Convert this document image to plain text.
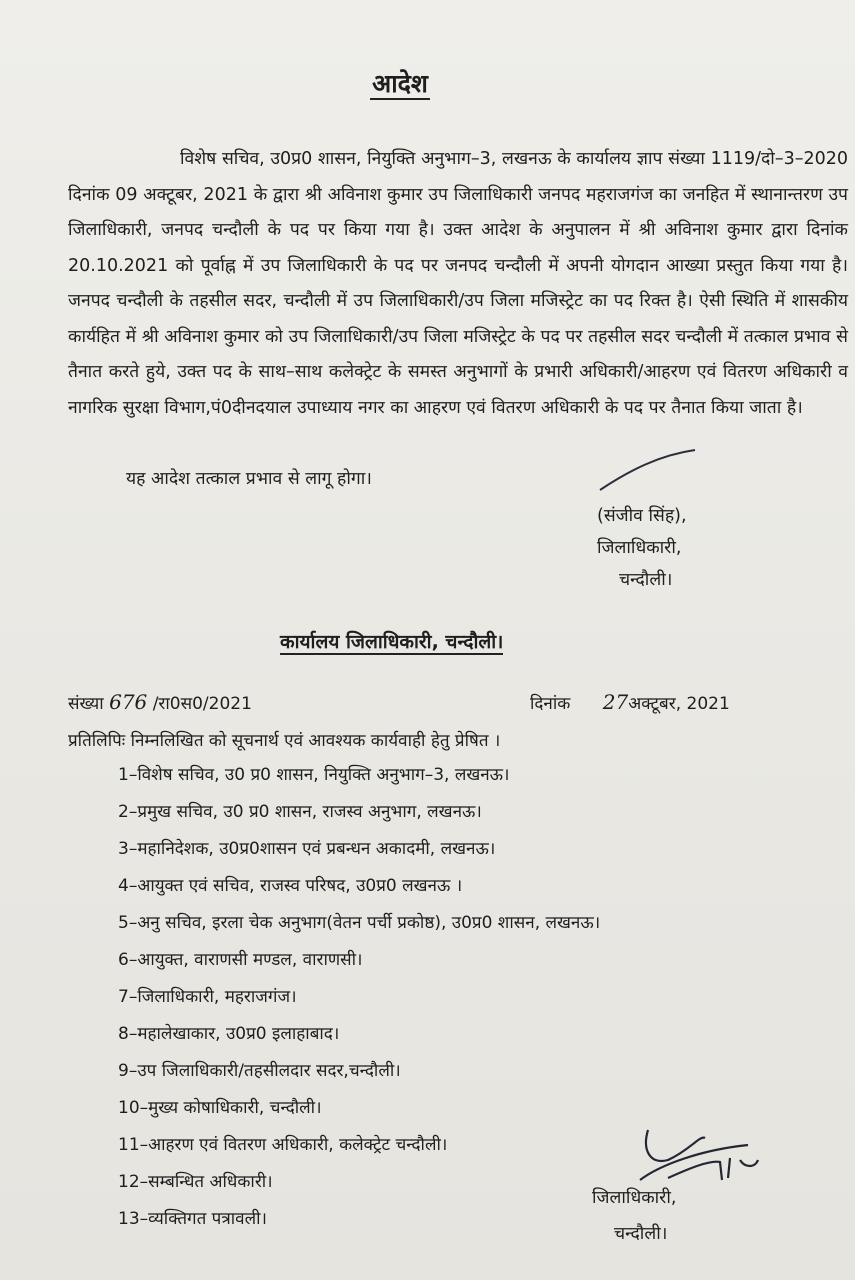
आदेश
विशेष सचिव, उ0प्र0 शासन, नियुक्ति अनुभाग–3, लखनऊ के कार्यालय ज्ञाप संख्या 1119/दो–3–2020 दिनांक 09 अक्टूबर, 2021 के द्वारा श्री अविनाश कुमार उप जिलाधिकारी जनपद महराजगंज का जनहित में स्थानान्तरण उप जिलाधिकारी, जनपद चन्दौली के पद पर किया गया है। उक्त आदेश के अनुपालन में श्री अविनाश कुमार द्वारा दिनांक 20.10.2021 को पूर्वाह्न में उप जिलाधिकारी के पद पर जनपद चन्दौली में अपनी योगदान आख्या प्रस्तुत किया गया है। जनपद चन्दौली के तहसील सदर, चन्दौली में उप जिलाधिकारी/उप जिला मजिस्ट्रेट का पद रिक्त है। ऐसी स्थिति में शासकीय कार्यहित में श्री अविनाश कुमार को उप जिलाधिकारी/उप जिला मजिस्ट्रेट के पद पर तहसील सदर चन्दौली में तत्काल प्रभाव से तैनात करते हुये, उक्त पद के साथ–साथ कलेक्ट्रेट के समस्त अनुभागों के प्रभारी अधिकारी/आहरण एवं वितरण अधिकारी व नागरिक सुरक्षा विभाग,पं0दीनदयाल उपाध्याय नगर का आहरण एवं वितरण अधिकारी के पद पर तैनात किया जाता है।
यह आदेश तत्काल प्रभाव से लागू होगा।
(संजीव सिंह),
जिलाधिकारी,
चन्दौली।
कार्यालय जिलाधिकारी, चन्दौली।
संख्या 676 /रा0स0/2021	दिनांक 27अक्टूबर, 2021
प्रतिलिपिः निम्नलिखित को सूचनार्थ एवं आवश्यक कार्यवाही हेतु प्रेषित ।
1–विशेष सचिव, उ0 प्र0 शासन, नियुक्ति अनुभाग–3, लखनऊ।
2–प्रमुख सचिव, उ0 प्र0 शासन, राजस्व अनुभाग, लखनऊ।
3–महानिदेशक, उ0प्र0शासन एवं प्रबन्धन अकादमी, लखनऊ।
4–आयुक्त एवं सचिव, राजस्व परिषद, उ0प्र0 लखनऊ ।
5–अनु सचिव, इरला चेक अनुभाग(वेतन पर्ची प्रकोष्ठ), उ0प्र0 शासन, लखनऊ।
6–आयुक्त, वाराणसी मण्डल, वाराणसी।
7–जिलाधिकारी, महराजगंज।
8–महालेखाकार, उ0प्र0 इलाहाबाद।
9–उप जिलाधिकारी/तहसीलदार सदर,चन्दौली।
10–मुख्य कोषाधिकारी, चन्दौली।
11–आहरण एवं वितरण अधिकारी, कलेक्ट्रेट चन्दौली।
12–सम्बन्धित अधिकारी।
13–व्यक्तिगत पत्रावली।
जिलाधिकारी,
चन्दौली।
